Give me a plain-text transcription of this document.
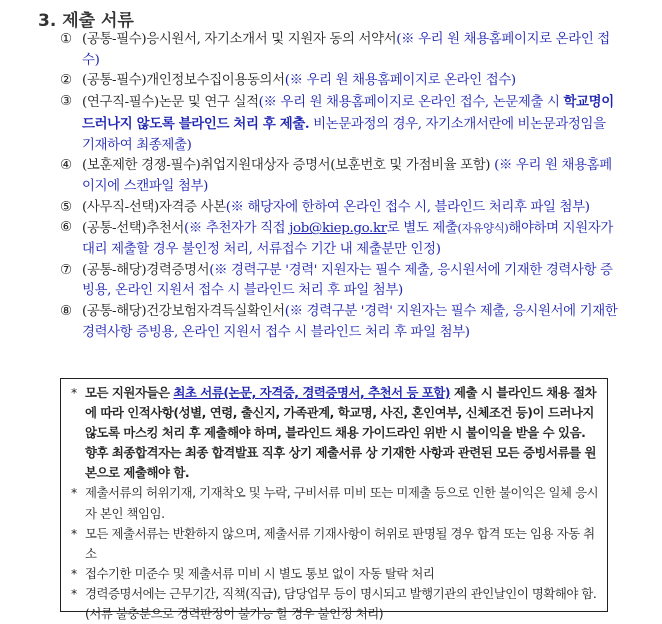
3. 제출 서류
① (공통-필수)응시원서, 자기소개서 및 지원자 동의 서약서(※ 우리 원 채용홈페이지로 온라인 접수)
② (공통-필수)개인정보수집이용동의서(※ 우리 원 채용홈페이지로 온라인 접수)
③ (연구직-필수)논문 및 연구 실적(※ 우리 원 채용홈페이지로 온라인 접수, 논문제출 시 학교명이 드러나지 않도록 블라인드 처리 후 제출. 비논문과정의 경우, 자기소개서란에 비논문과정임을 기재하여 최종제출)
④ (보훈제한 경쟁-필수)취업지원대상자 증명서(보훈번호 및 가점비율 포함) (※ 우리 원 채용홈페이지에 스캔파일 첨부)
⑤ (사무직-선택)자격증 사본(※ 해당자에 한하여 온라인 접수 시, 블라인드 처리후 파일 첨부)
⑥ (공통-선택)추천서(※ 추천자가 직접 job@kiep.go.kr로 별도 제출(자유양식)해야하며 지원자가 대리 제출할 경우 불인정 처리, 서류접수 기간 내 제출분만 인정)
⑦ (공통-해당)경력증명서(※ 경력구분 '경력' 지원자는 필수 제출, 응시원서에 기재한 경력사항 증빙용, 온라인 지원서 접수 시 블라인드 처리 후 파일 첨부)
⑧ (공통-해당)건강보험자격득실확인서(※ 경력구분 '경력' 지원자는 필수 제출, 응시원서에 기재한 경력사항 증빙용, 온라인 지원서 접수 시 블라인드 처리 후 파일 첨부)
* 모든 지원자들은 최초 서류(논문, 자격증, 경력증명서, 추천서 등 포함) 제출 시 블라인드 채용 절차에 따라 인적사항(성별, 연령, 출신지, 가족관계, 학교명, 사진, 혼인여부, 신체조건 등)이 드러나지 않도록 마스킹 처리 후 제출해야 하며, 블라인드 채용 가이드라인 위반 시 불이익을 받을 수 있음. 향후 최종합격자는 최종 합격발표 직후 상기 제출서류 상 기재한 사항과 관련된 모든 증빙서류를 원본으로 제출해야 함.
* 제출서류의 허위기재, 기재착오 및 누락, 구비서류 미비 또는 미제출 등으로 인한 불이익은 일체 응시자 본인 책임임.
* 모든 제출서류는 반환하지 않으며, 제출서류 기재사항이 허위로 판명될 경우 합격 또는 임용 자동 취소
* 접수기한 미준수 및 제출서류 미비 시 별도 통보 없이 자동 탈락 처리
* 경력증명서에는 근무기간, 직책(직급), 담당업무 등이 명시되고 발행기관의 관인날인이 명확해야 함. (서류 불충분으로 경력판정이 불가능 할 경우 불인정 처리)
